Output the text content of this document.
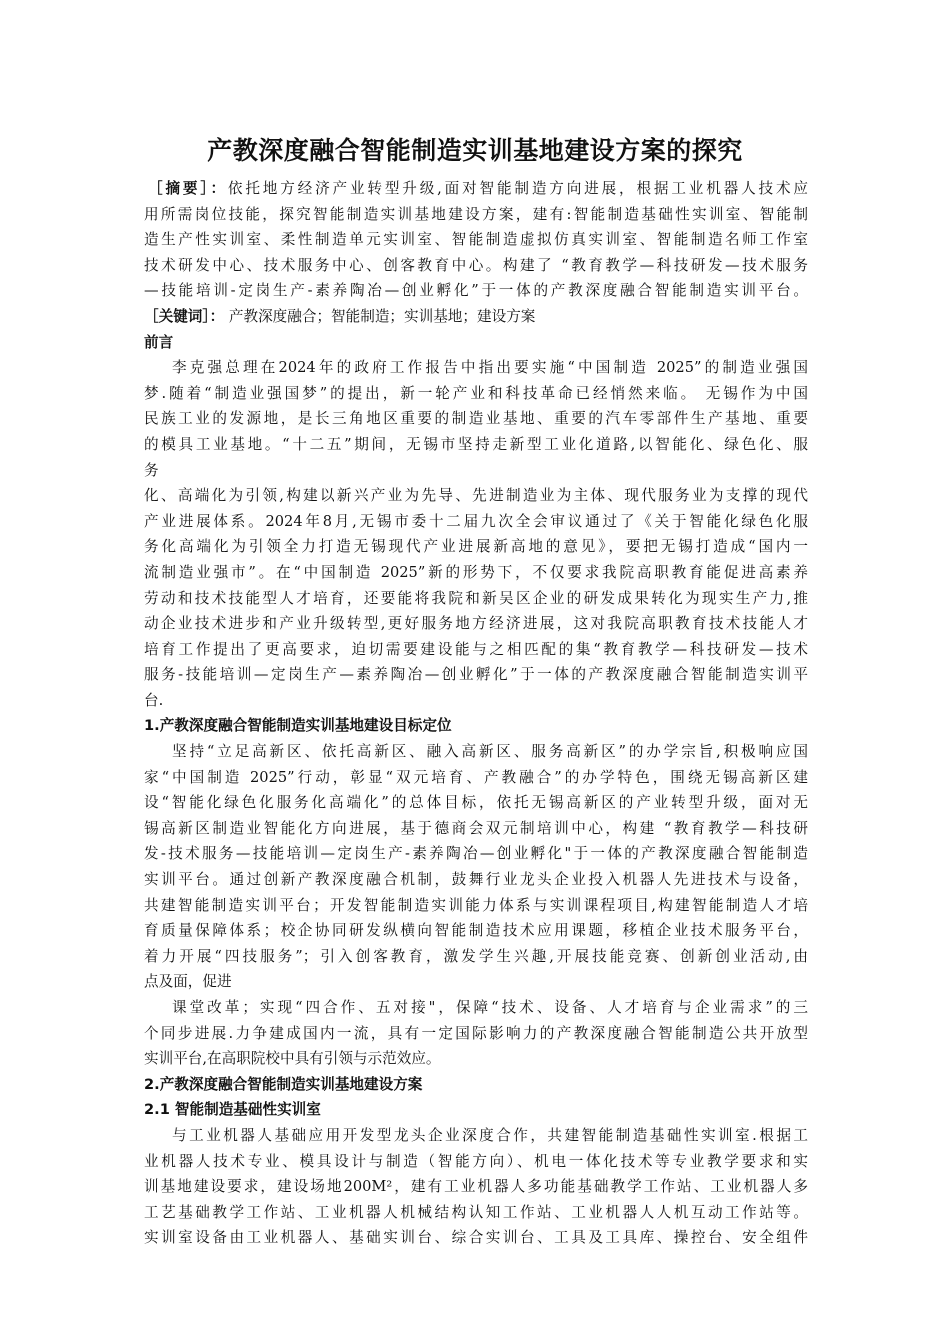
产教深度融合智能制造实训基地建设方案的探究
［摘要］：依托地方经济产业转型升级,面对智能制造方向进展，根据工业机器人技术应
用所需岗位技能，探究智能制造实训基地建设方案，建有:智能制造基础性实训室、智能制
造生产性实训室、柔性制造单元实训室、智能制造虚拟仿真实训室、智能制造名师工作室
技术研发中心、技术服务中心、创客教育中心。构建了 “教育教学—科技研发—技术服务
—技能培训-定岗生产-素养陶冶—创业孵化”于一体的产教深度融合智能制造实训平台。
［关键词］： 产教深度融合；智能制造；实训基地；建设方案
前言
李克强总理在2024年的政府工作报告中指出要实施“中国制造 2025”的制造业强国
梦.随着“制造业强国梦”的提出，新一轮产业和科技革命已经悄然来临。 无锡作为中国
民族工业的发源地，是长三角地区重要的制造业基地、重要的汽车零部件生产基地、重要
的模具工业基地。“十二五”期间，无锡市坚持走新型工业化道路,以智能化、绿色化、服
务
化、高端化为引领,构建以新兴产业为先导、先进制造业为主体、现代服务业为支撑的现代
产业进展体系。2024年8月,无锡市委十二届九次全会审议通过了《关于智能化绿色化服
务化高端化为引领全力打造无锡现代产业进展新高地的意见》，要把无锡打造成“国内一
流制造业强市”。在“中国制造 2025”新的形势下，不仅要求我院高职教育能促进高素养
劳动和技术技能型人才培育，还要能将我院和新吴区企业的研发成果转化为现实生产力,推
动企业技术进步和产业升级转型,更好服务地方经济进展，这对我院高职教育技术技能人才
培育工作提出了更高要求，迫切需要建设能与之相匹配的集“教育教学—科技研发—技术
服务-技能培训—定岗生产—素养陶冶—创业孵化”于一体的产教深度融合智能制造实训平
台.
1.产教深度融合智能制造实训基地建设目标定位
坚持“立足高新区、依托高新区、融入高新区、服务高新区”的办学宗旨,积极响应国
家“中国制造 2025”行动，彰显“双元培育、产教融合”的办学特色，围绕无锡高新区建
设“智能化绿色化服务化高端化”的总体目标，依托无锡高新区的产业转型升级，面对无
锡高新区制造业智能化方向进展，基于德商会双元制培训中心，构建 “教育教学—科技研
发-技术服务—技能培训—定岗生产-素养陶冶—创业孵化"于一体的产教深度融合智能制造
实训平台。通过创新产教深度融合机制，鼓舞行业龙头企业投入机器人先进技术与设备，
共建智能制造实训平台；开发智能制造实训能力体系与实训课程项目,构建智能制造人才培
育质量保障体系；校企协同研发纵横向智能制造技术应用课题，移植企业技术服务平台，
着力开展“四技服务”；引入创客教育，激发学生兴趣,开展技能竞赛、创新创业活动,由
点及面，促进
课堂改革；实现“四合作、五对接"，保障“技术、设备、人才培育与企业需求”的三
个同步进展.力争建成国内一流，具有一定国际影响力的产教深度融合智能制造公共开放型
实训平台,在高职院校中具有引领与示范效应。
2.产教深度融合智能制造实训基地建设方案
2.1 智能制造基础性实训室
与工业机器人基础应用开发型龙头企业深度合作，共建智能制造基础性实训室.根据工
业机器人技术专业、模具设计与制造（智能方向）、机电一体化技术等专业教学要求和实
训基地建设要求，建设场地200M²，建有工业机器人多功能基础教学工作站、工业机器人多
工艺基础教学工作站、工业机器人机械结构认知工作站、工业机器人人机互动工作站等。
实训室设备由工业机器人、基础实训台、综合实训台、工具及工具库、操控台、安全组件
